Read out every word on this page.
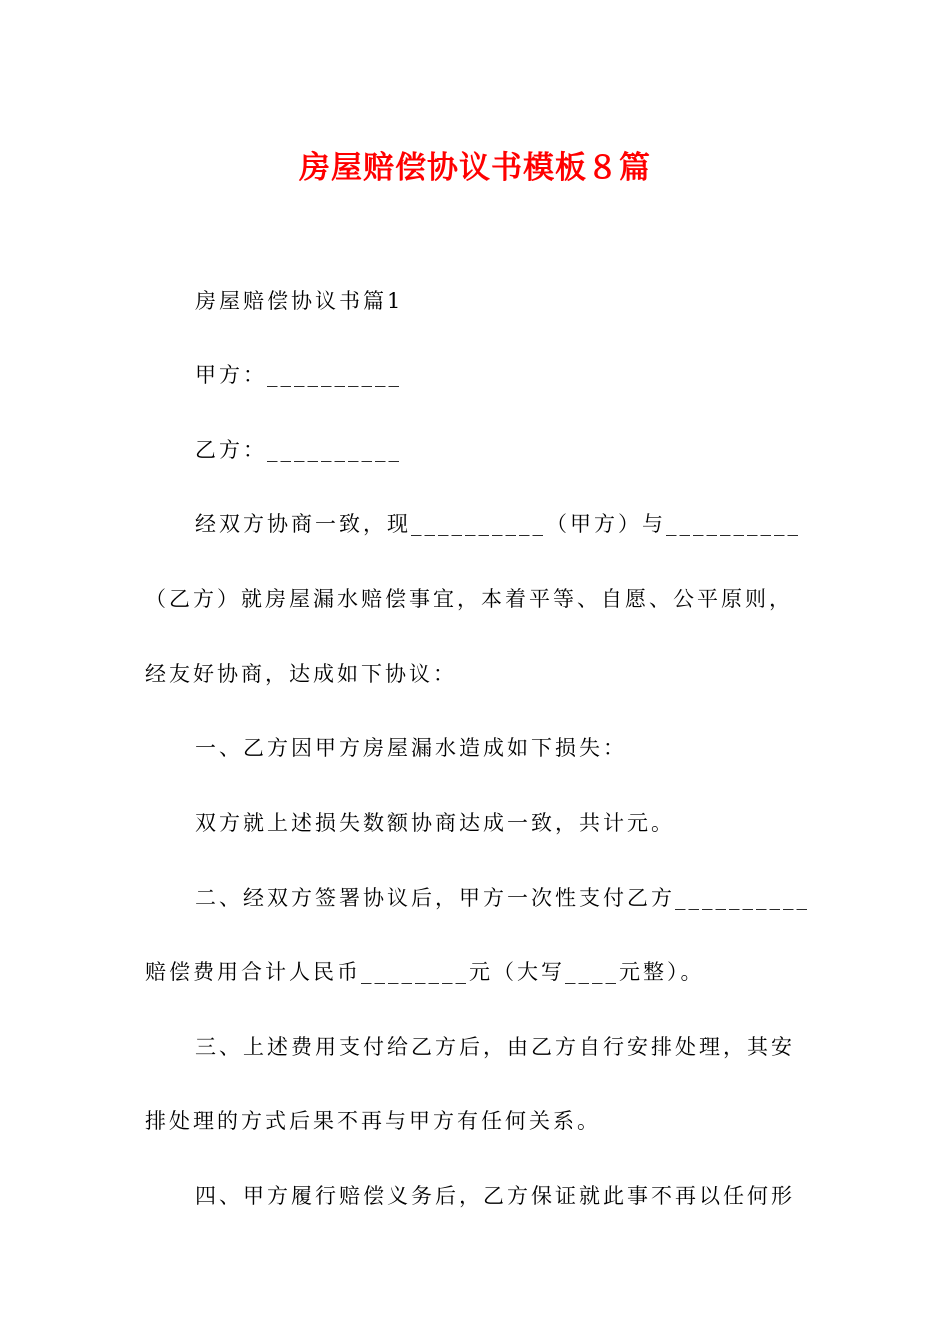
房屋赔偿协议书模板８篇

房屋赔偿协议书篇1

甲方：__________

乙方：__________

经双方协商一致，现__________（甲方）与__________

（乙方）就房屋漏水赔偿事宜，本着平等、自愿、公平原则，

经友好协商，达成如下协议：

一、乙方因甲方房屋漏水造成如下损失：

双方就上述损失数额协商达成一致，共计元。

二、经双方签署协议后，甲方一次性支付乙方__________

赔偿费用合计人民币________元（大写____元整）。

三、上述费用支付给乙方后，由乙方自行安排处理，其安

排处理的方式后果不再与甲方有任何关系。

四、甲方履行赔偿义务后，乙方保证就此事不再以任何形
